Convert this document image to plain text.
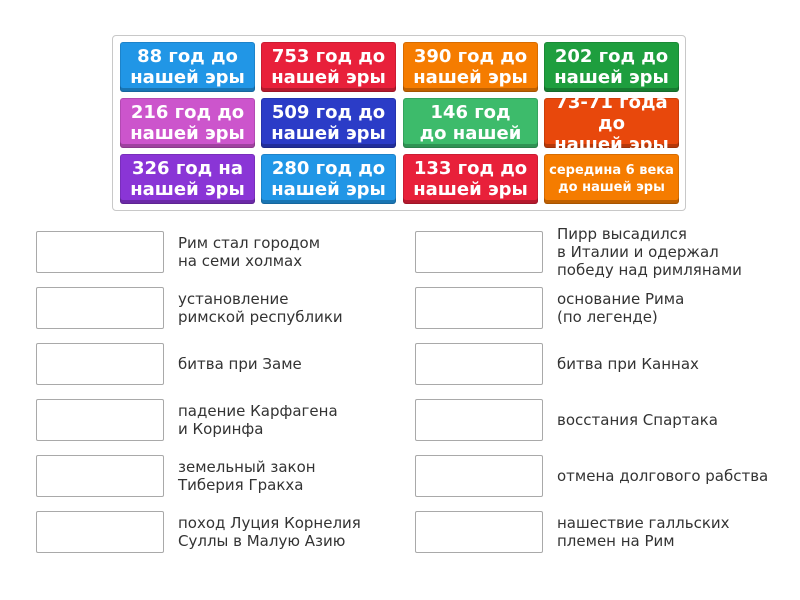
88 год до
нашей эры
753 год до
нашей эры
390 год до
нашей эры
202 год до
нашей эры
216 год до
нашей эры
509 год до
нашей эры
146 год
до нашей
73-71 года до
нашей эры
326 год на
нашей эры
280 год до
нашей эры
133 год до
нашей эры
середина 6 века
до нашей эры
Рим стал городом
на семи холмах
установление
римской республики
битва при Заме
падение Карфагена
и Коринфа
земельный закон
Тиберия Гракха
поход Луция Корнелия
Суллы в Малую Азию
Пирр высадился
в Италии и одержал
победу над римлянами
основание Рима
(по легенде)
битва при Каннах
восстания Спартака
отмена долгового рабства
нашествие галльских
племен на Рим
